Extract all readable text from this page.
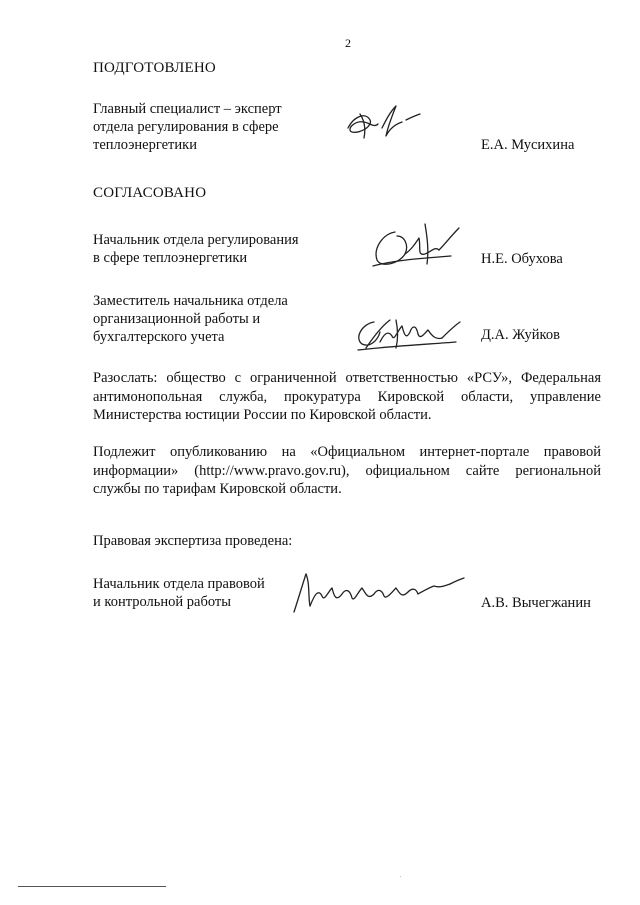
2
ПОДГОТОВЛЕНО
Главный специалист – эксперт
отдела регулирования в сфере
теплоэнергетики	Е.А. Мусихина
СОГЛАСОВАНО
Начальник отдела регулирования
в сфере теплоэнергетики	Н.Е. Обухова
Заместитель начальника отдела
организационной работы и
бухгалтерского учета	Д.А. Жуйков
Разослать: общество с ограниченной ответственностью «РСУ», Федеральная антимонопольная служба, прокуратура Кировской области, управление Министерства юстиции России по Кировской области.
Подлежит опубликованию на «Официальном интернет-портале правовой информации» (http://www.pravo.gov.ru), официальном сайте региональной службы по тарифам Кировской области.
Правовая экспертиза проведена:
Начальник отдела правовой
и контрольной работы	А.В. Вычегжанин
